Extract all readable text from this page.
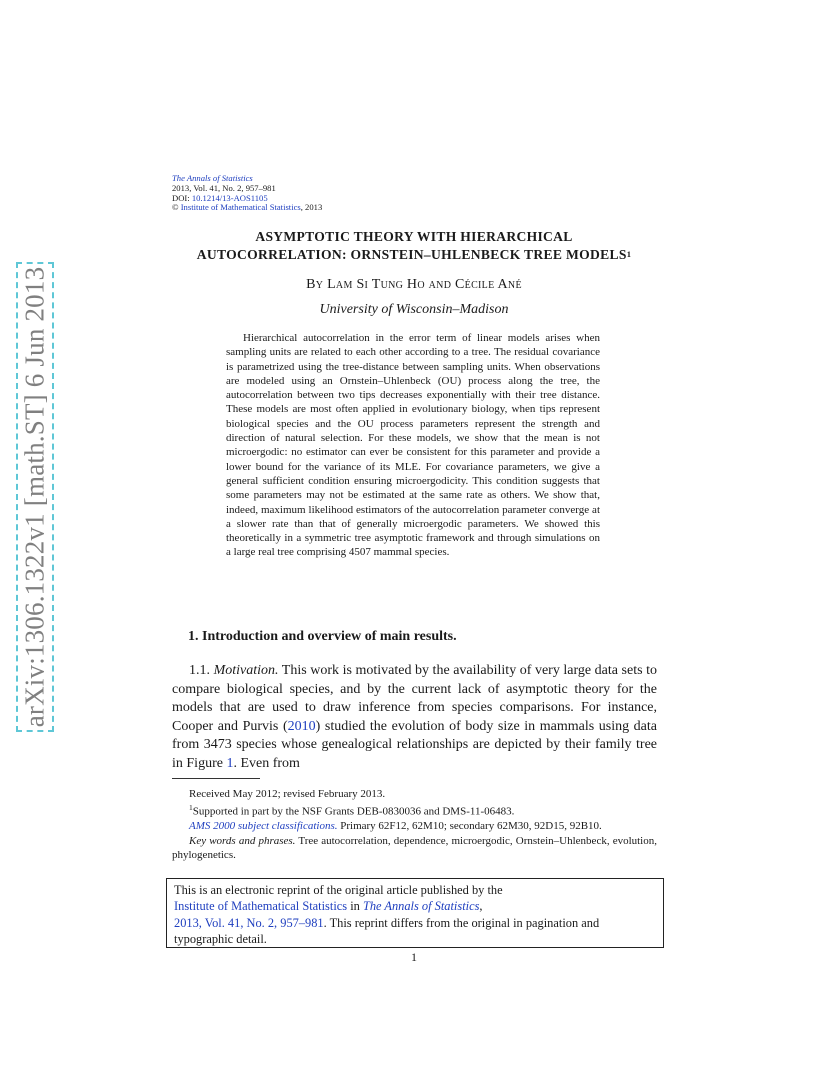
arXiv:1306.1322v1 [math.ST] 6 Jun 2013
The Annals of Statistics
2013, Vol. 41, No. 2, 957–981
DOI: 10.1214/13-AOS1105
© Institute of Mathematical Statistics, 2013
ASYMPTOTIC THEORY WITH HIERARCHICAL
AUTOCORRELATION: ORNSTEIN–UHLENBECK TREE MODELS$^1$
By Lam Si Tung Ho and Cécile Ané
University of Wisconsin–Madison
Hierarchical autocorrelation in the error term of linear models arises when sampling units are related to each other according to a tree. The residual covariance is parametrized using the tree-distance between sampling units. When observations are modeled using an Ornstein–Uhlenbeck (OU) process along the tree, the autocorrelation between two tips decreases exponentially with their tree distance. These models are most often applied in evolutionary biology, when tips represent biological species and the OU process parameters represent the strength and direction of natural selection. For these models, we show that the mean is not microergodic: no estimator can ever be consistent for this parameter and provide a lower bound for the variance of its MLE. For covariance parameters, we give a general sufficient condition ensuring microergodicity. This condition suggests that some parameters may not be estimated at the same rate as others. We show that, indeed, maximum likelihood estimators of the autocorrelation parameter converge at a slower rate than that of generally microergodic parameters. We showed this theoretically in a symmetric tree asymptotic framework and through simulations on a large real tree comprising 4507 mammal species.
1. Introduction and overview of main results.
1.1. Motivation. This work is motivated by the availability of very large data sets to compare biological species, and by the current lack of asymptotic theory for the models that are used to draw inference from species comparisons. For instance, Cooper and Purvis (2010) studied the evolution of body size in mammals using data from 3473 species whose genealogical relationships are depicted by their family tree in Figure 1. Even from

Received May 2012; revised February 2013.

$^1$Supported in part by the NSF Grants DEB-0830036 and DMS-11-06483.

AMS 2000 subject classifications. Primary 62F12, 62M10; secondary 62M30, 92D15, 92B10.

Key words and phrases. Tree autocorrelation, dependence, microergodic, Ornstein–Uhlenbeck, evolution, phylogenetics.

This is an electronic reprint of the original article published by the
Institute of Mathematical Statistics in The Annals of Statistics,
2013, Vol. 41, No. 2, 957–981. This reprint differs from the original in pagination and typographic detail.
1
